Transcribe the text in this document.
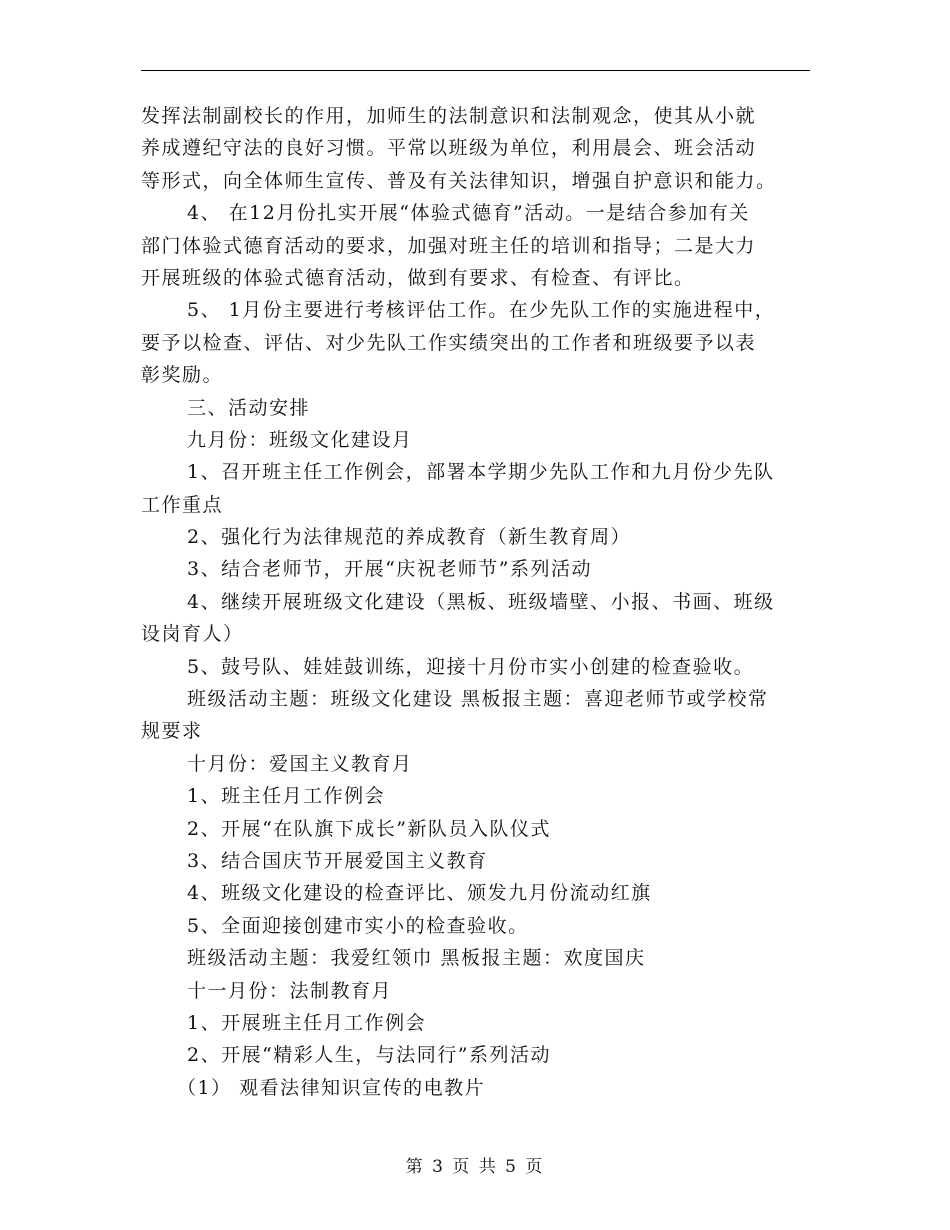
发挥法制副校长的作用，加师生的法制意识和法制观念，使其从小就
养成遵纪守法的良好习惯。平常以班级为单位，利用晨会、班会活动
等形式，向全体师生宣传、普及有关法律知识，增强自护意识和能力。
4、 在12月份扎实开展“体验式德育”活动。一是结合参加有关
部门体验式德育活动的要求，加强对班主任的培训和指导；二是大力
开展班级的体验式德育活动，做到有要求、有检查、有评比。
5、 1月份主要进行考核评估工作。在少先队工作的实施进程中，
要予以检查、评估、对少先队工作实绩突出的工作者和班级要予以表
彰奖励。
三、活动安排
九月份：班级文化建设月
1、召开班主任工作例会，部署本学期少先队工作和九月份少先队
工作重点
2、强化行为法律规范的养成教育（新生教育周）
3、结合老师节，开展“庆祝老师节”系列活动
4、继续开展班级文化建设（黑板、班级墙壁、小报、书画、班级
设岗育人）
5、鼓号队、娃娃鼓训练，迎接十月份市实小创建的检查验收。
班级活动主题：班级文化建设 黑板报主题：喜迎老师节或学校常
规要求
十月份：爱国主义教育月
1、班主任月工作例会
2、开展“在队旗下成长”新队员入队仪式
3、结合国庆节开展爱国主义教育
4、班级文化建设的检查评比、颁发九月份流动红旗
5、全面迎接创建市实小的检查验收。
班级活动主题：我爱红领巾 黑板报主题：欢度国庆
十一月份：法制教育月
1、开展班主任月工作例会
2、开展“精彩人生，与法同行”系列活动
（1） 观看法律知识宣传的电教片
第 3 页 共 5 页
